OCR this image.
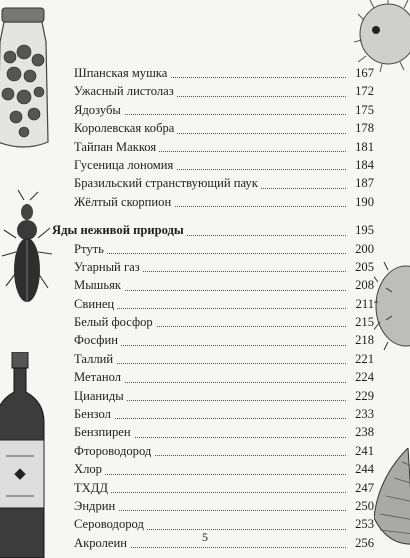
◆
Шпанская мушка	167
Ужасный листолаз	172
Ядозубы	175
Королевская кобра	178
Тайпан Маккоя	181
Гусеница лономия	184
Бразильский странствующий паук	187
Жёлтый скорпион	190
Яды неживой природы	195
Ртуть	200
Угарный газ	205
Мышьяк	208
Свинец	211
Белый фосфор	215
Фосфин	218
Таллий	221
Метанол	224
Цианиды	229
Бензол	233
Бензпирен	238
Фтороводород	241
Хлор	244
ТХДД	247
Эндрин	250
Сероводород	253
Акролеин	256
5
